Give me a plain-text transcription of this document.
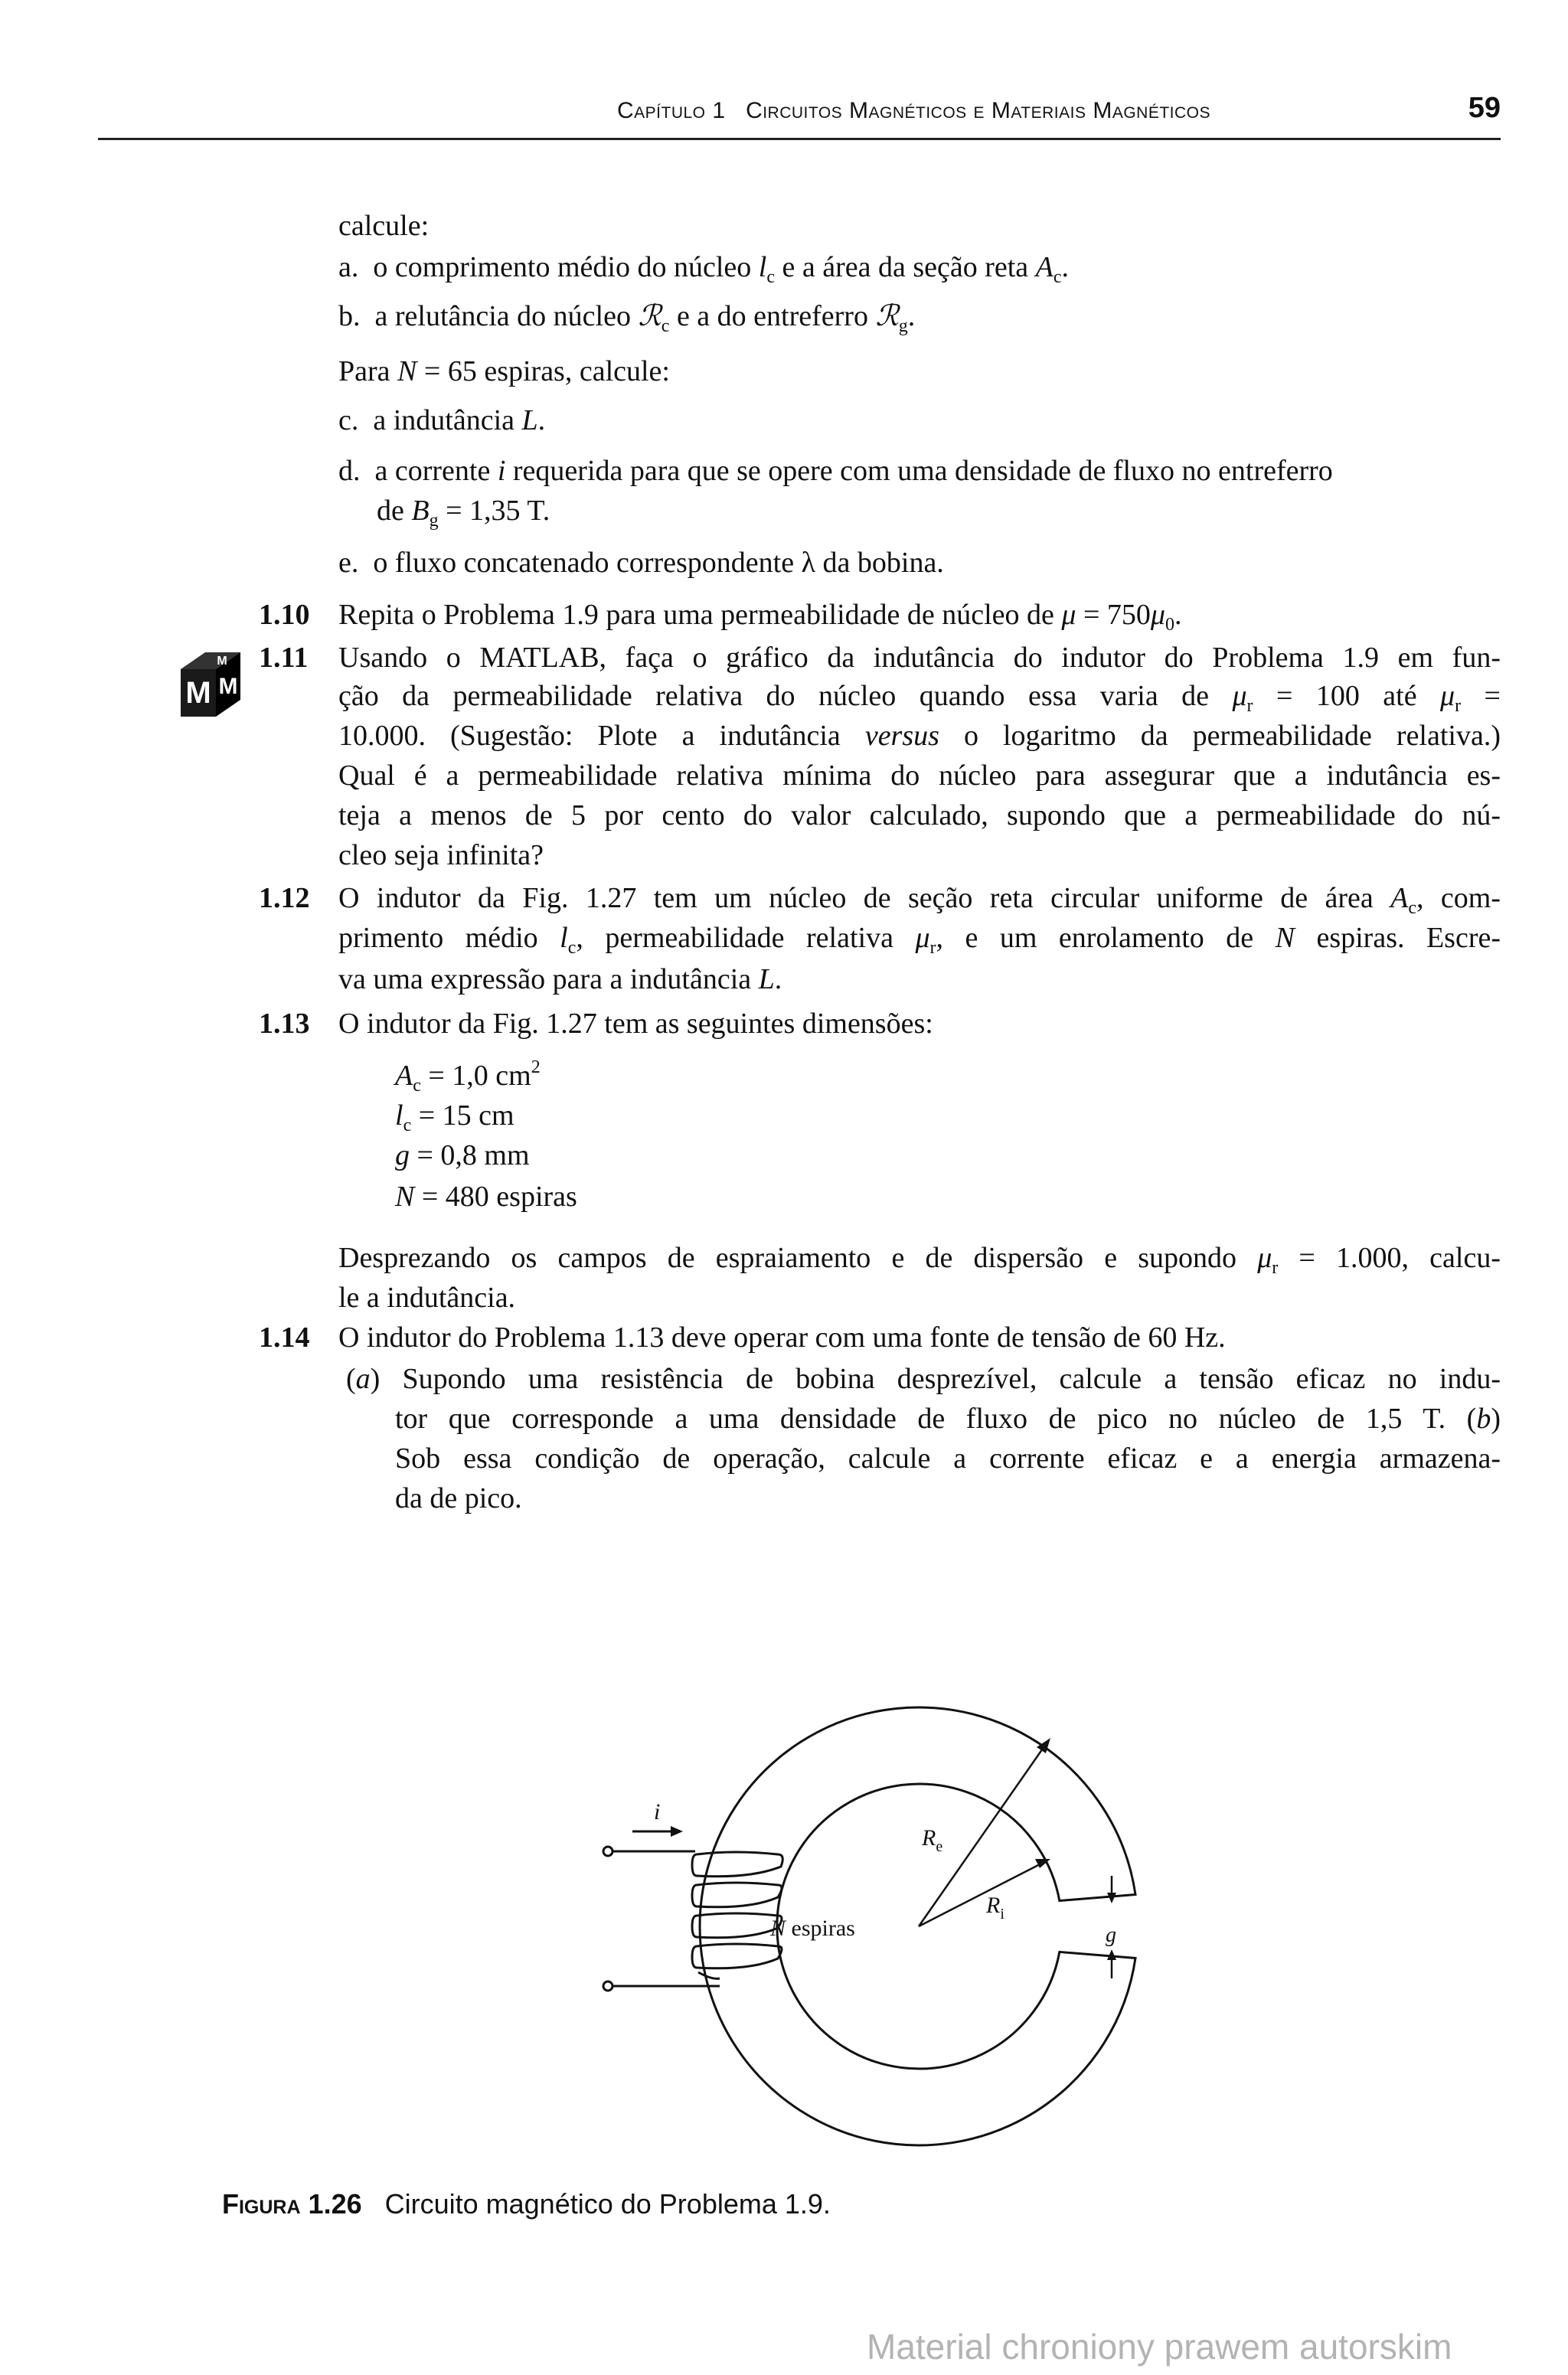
Capítulo 1 Circuitos Magnéticos e Materiais Magnéticos	59
calcule:
a. o comprimento médio do núcleo $l_c$ e a área da seção reta $A_c$.
b. a relutância do núcleo ℛ$_c$ e a do entreferro ℛ$_g$.
Para N = 65 espiras, calcule:
c. a indutância L.
d. a corrente i requerida para que se opere com uma densidade de fluxo no entreferro
de $B_g = 1,35$ T.
e. o fluxo concatenado correspondente λ da bobina.
1.10 Repita o Problema 1.9 para uma permeabilidade de núcleo de $\mu = 750\mu_0$.
M M
M 1.11 Usando o MATLAB, faça o gráfico da indutância do indutor do Problema 1.9 em fun-
ção da permeabilidade relativa do núcleo quando essa varia de $\mu_r = 100$ até $\mu_r$ =
10.000. (Sugestão: Plote a indutância versus o logaritmo da permeabilidade relativa.)
Qual é a permeabilidade relativa mínima do núcleo para assegurar que a indutância es-
teja a menos de 5 por cento do valor calculado, supondo que a permeabilidade do nú-
cleo seja infinita?
1.12 O indutor da Fig. 1.27 tem um núcleo de seção reta circular uniforme de área $A_c$, com-
primento médio $l_c$, permeabilidade relativa $\mu_r$, e um enrolamento de N espiras. Escre-
va uma expressão para a indutância L.
1.13 O indutor da Fig. 1.27 tem as seguintes dimensões:
$A_c = 1,0$ $cm^2$
$l_c = 15$ cm
g = 0,8 mm
N = 480 espiras
Desprezando os campos de espraiamento e de dispersão e supondo $\mu_r = 1.000$, calcu-
le a indutância.
1.14 O indutor do Problema 1.13 deve operar com uma fonte de tensão de 60 Hz.
(a) Supondo uma resistência de bobina desprezível, calcule a tensão eficaz no indu-
tor que corresponde a uma densidade de fluxo de pico no núcleo de 1,5 T. (b)
Sob essa condição de operação, calcule a corrente eficaz e a energia armazena-
da de pico.
i
$R_e$
$R_i$
N espiras	g
Figura 1.26 Circuito magnético do Problema 1.9.
Material chroniony prawem autorskim
